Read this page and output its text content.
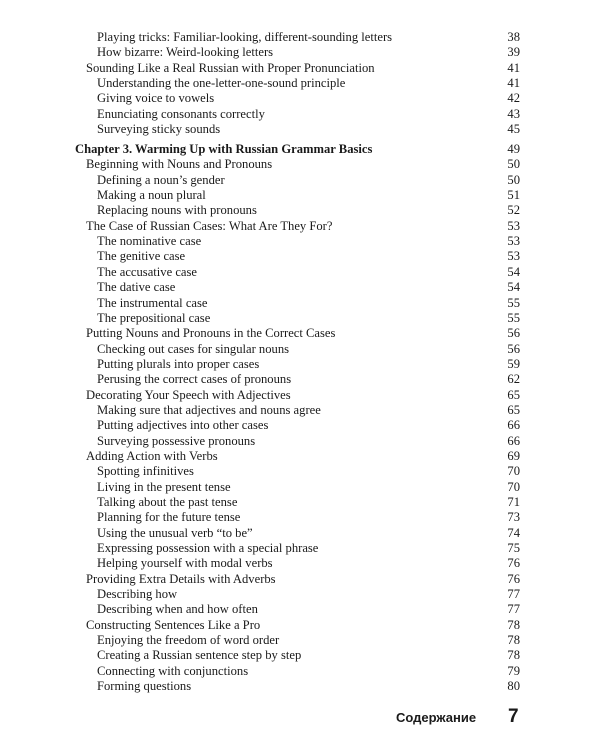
Playing tricks: Familiar-looking, different-sounding letters	38
How bizarre: Weird-looking letters	39
Sounding Like a Real Russian with Proper Pronunciation	41
Understanding the one-letter-one-sound principle	41
Giving voice to vowels	42
Enunciating consonants correctly	43
Surveying sticky sounds	45
Chapter 3. Warming Up with Russian Grammar Basics	49
Beginning with Nouns and Pronouns	50
Defining a noun’s gender	50
Making a noun plural	51
Replacing nouns with pronouns	52
The Case of Russian Cases: What Are They For?	53
The nominative case	53
The genitive case	53
The accusative case	54
The dative case	54
The instrumental case	55
The prepositional case	55
Putting Nouns and Pronouns in the Correct Cases	56
Checking out cases for singular nouns	56
Putting plurals into proper cases	59
Perusing the correct cases of pronouns	62
Decorating Your Speech with Adjectives	65
Making sure that adjectives and nouns agree	65
Putting adjectives into other cases	66
Surveying possessive pronouns	66
Adding Action with Verbs	69
Spotting infinitives	70
Living in the present tense	70
Talking about the past tense	71
Planning for the future tense	73
Using the unusual verb “to be”	74
Expressing possession with a special phrase	75
Helping yourself with modal verbs	76
Providing Extra Details with Adverbs	76
Describing how	77
Describing when and how often	77
Constructing Sentences Like a Pro	78
Enjoying the freedom of word order	78
Creating a Russian sentence step by step	78
Connecting with conjunctions	79
Forming questions	80
Содержание 7
